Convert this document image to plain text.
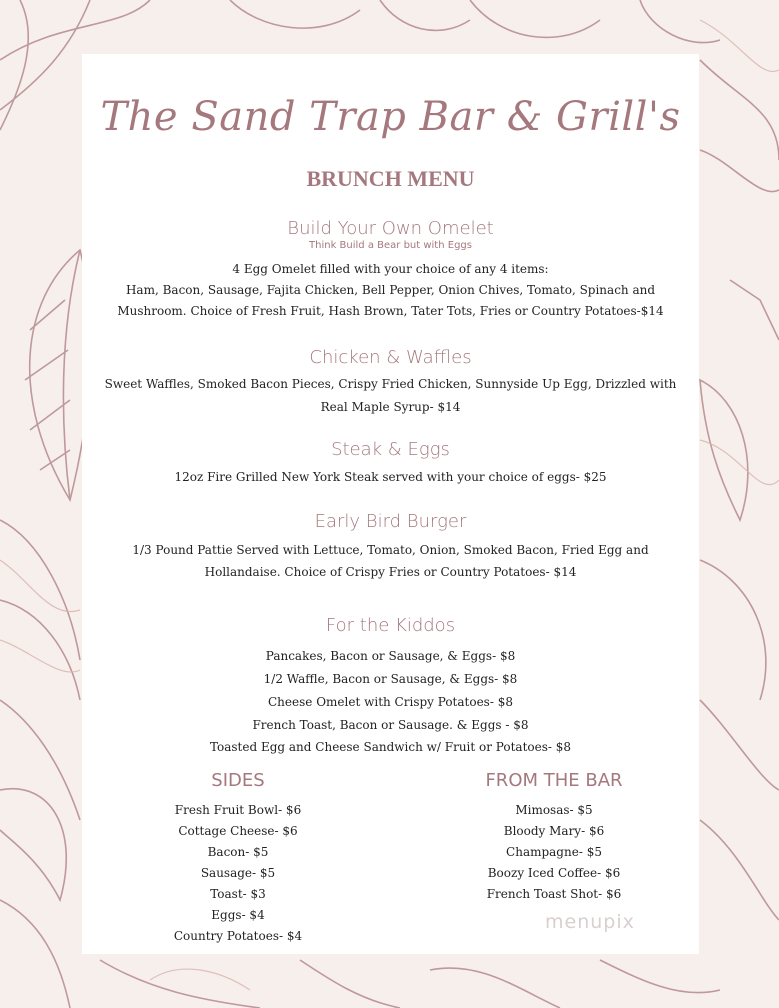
The Sand Trap Bar & Grill's
BRUNCH MENU
Build Your Own Omelet
Think Build a Bear but with Eggs
4 Egg Omelet filled with your choice of any 4 items:
Ham, Bacon, Sausage, Fajita Chicken, Bell Pepper, Onion Chives, Tomato, Spinach and
Mushroom. Choice of Fresh Fruit, Hash Brown, Tater Tots, Fries or Country Potatoes-$14
Chicken & Waffles
Sweet Waffles, Smoked Bacon Pieces, Crispy Fried Chicken, Sunnyside Up Egg, Drizzled with
Real Maple Syrup- $14
Steak & Eggs
12oz Fire Grilled New York Steak served with your choice of eggs- $25
Early Bird Burger
1/3 Pound Pattie Served with Lettuce, Tomato, Onion, Smoked Bacon, Fried Egg and
Hollandaise. Choice of Crispy Fries or Country Potatoes- $14
For the Kiddos
Pancakes, Bacon or Sausage, & Eggs- $8
1/2 Waffle, Bacon or Sausage, & Eggs- $8
Cheese Omelet with Crispy Potatoes- $8
French Toast, Bacon or Sausage. & Eggs - $8
Toasted Egg and Cheese Sandwich w/ Fruit or Potatoes- $8
SIDES
Fresh Fruit Bowl- $6
Cottage Cheese- $6
Bacon- $5
Sausage- $5
Toast- $3
Eggs- $4
Country Potatoes- $4
FROM THE BAR
Mimosas- $5
Bloody Mary- $6
Champagne- $5
Boozy Iced Coffee- $6
French Toast Shot- $6
menupix
